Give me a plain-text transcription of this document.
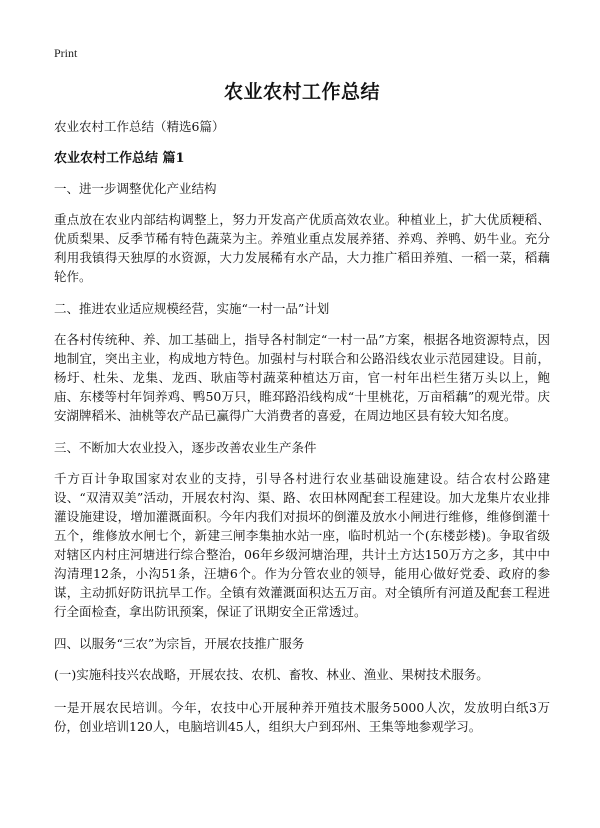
Print
农业农村工作总结
农业农村工作总结（精选6篇）
农业农村工作总结 篇1
一、进一步调整优化产业结构
重点放在农业内部结构调整上，努力开发高产优质高效农业。种植业上，扩大优质粳稻、优质梨果、反季节稀有特色蔬菜为主。养殖业重点发展养猪、养鸡、养鸭、奶牛业。充分利用我镇得天独厚的水资源，大力发展稀有水产品，大力推广稻田养殖、一稻一菜，稻藕轮作。
二、推进农业适应规模经营，实施“一村一品”计划
在各村传统种、养、加工基础上，指导各村制定“一村一品”方案，根据各地资源特点，因地制宜，突出主业，构成地方特色。加强村与村联合和公路沿线农业示范园建设。目前，杨圩、杜朱、龙集、龙西、耿庙等村蔬菜种植达万亩，官一村年出栏生猪万头以上，鲍庙、东楼等村年饲养鸡、鸭50万只，睢邳路沿线构成“十里桃花，万亩稻藕”的观光带。庆安湖牌稻米、油桃等农产品已赢得广大消费者的喜爱，在周边地区县有较大知名度。
三、不断加大农业投入，逐步改善农业生产条件
千方百计争取国家对农业的支持，引导各村进行农业基础设施建设。结合农村公路建设、“双清双美”活动，开展农村沟、渠、路、农田林网配套工程建设。加大龙集片农业排灌设施建设，增加灌溉面积。今年内我们对损坏的倒灌及放水小闸进行维修，维修倒灌十五个，维修放水闸七个，新建三闸李集抽水站一座，临时机站一个(东楼彭楼)。争取省级对辖区内村庄河塘进行综合整治，06年乡级河塘治理，共计土方达150万方之多，其中中沟清理12条，小沟51条，汪塘6个。作为分管农业的领导，能用心做好党委、政府的参谋，主动抓好防讯抗旱工作。全镇有效灌溉面积达五万亩。对全镇所有河道及配套工程进行全面检查，拿出防讯预案，保证了讯期安全正常透过。
四、以服务“三农”为宗旨，开展农技推广服务
(一)实施科技兴农战略，开展农技、农机、畜牧、林业、渔业、果树技术服务。
一是开展农民培训。今年，农技中心开展种养开殖技术服务5000人次，发放明白纸3万份，创业培训120人，电脑培训45人，组织大户到邳州、王集等地参观学习。
